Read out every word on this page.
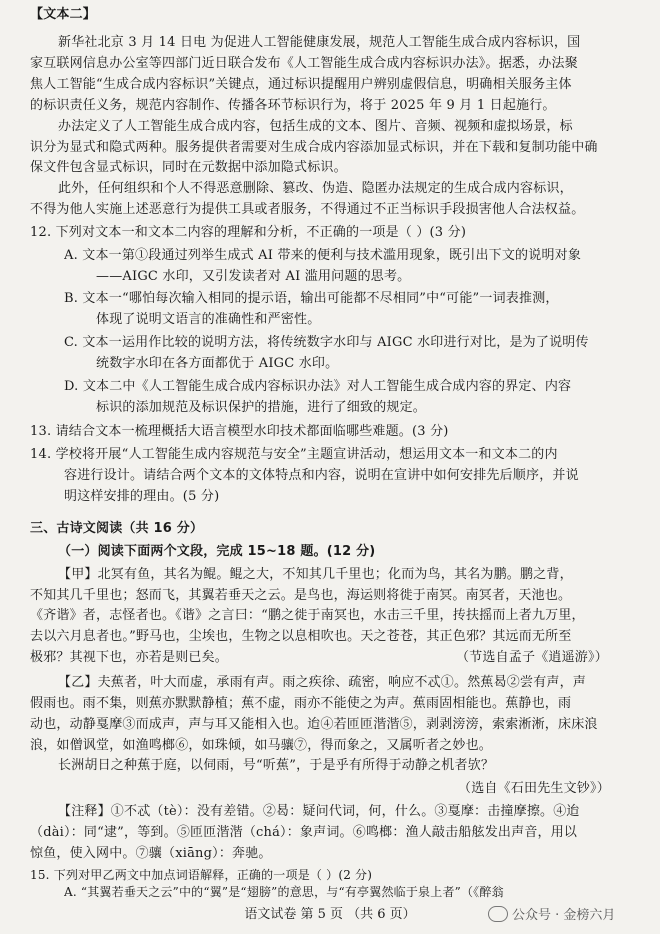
【文本二】
新华社北京 3 月 14 日电 为促进人工智能健康发展，规范人工智能生成合成内容标识，国
家互联网信息办公室等四部门近日联合发布《人工智能生成合成内容标识办法》。据悉，办法聚
焦人工智能“生成合成内容标识”关键点，通过标识提醒用户辨别虚假信息，明确相关服务主体
的标识责任义务，规范内容制作、传播各环节标识行为，将于 2025 年 9 月 1 日起施行。
办法定义了人工智能生成合成内容，包括生成的文本、图片、音频、视频和虚拟场景，标
识分为显式和隐式两种。服务提供者需要对生成合成内容添加显式标识，并在下载和复制功能中确
保文件包含显式标识，同时在元数据中添加隐式标识。
此外，任何组织和个人不得恶意删除、篡改、伪造、隐匿办法规定的生成合成内容标识，
不得为他人实施上述恶意行为提供工具或者服务，不得通过不正当标识手段损害他人合法权益。
12. 下列对文本一和文本二内容的理解和分析，不正确的一项是（ ）(3 分)
A. 文本一第①段通过列举生成式 AI 带来的便利与技术滥用现象，既引出下文的说明对象
——AIGC 水印，又引发读者对 AI 滥用问题的思考。
B. 文本一“哪怕每次输入相同的提示语，输出可能都不尽相同”中“可能”一词表推测，
体现了说明文语言的准确性和严密性。
C. 文本一运用作比较的说明方法，将传统数字水印与 AIGC 水印进行对比，是为了说明传
统数字水印在各方面都优于 AIGC 水印。
D. 文本二中《人工智能生成合成内容标识办法》对人工智能生成合成内容的界定、内容
标识的添加规范及标识保护的措施，进行了细致的规定。
13. 请结合文本一梳理概括大语言模型水印技术都面临哪些难题。(3 分)
14. 学校将开展“人工智能生成内容规范与安全”主题宣讲活动，想运用文本一和文本二的内
容进行设计。请结合两个文本的文体特点和内容，说明在宣讲中如何安排先后顺序，并说
明这样安排的理由。(5 分)
三、古诗文阅读（共 16 分）
（一）阅读下面两个文段，完成 15~18 题。(12 分)
【甲】北冥有鱼，其名为鲲。鲲之大，不知其几千里也；化而为鸟，其名为鹏。鹏之背，
不知其几千里也；怒而飞，其翼若垂天之云。是鸟也，海运则将徙于南冥。南冥者，天池也。
《齐谐》者，志怪者也。《谐》之言曰：“鹏之徙于南冥也，水击三千里，抟扶摇而上者九万里，
去以六月息者也。”野马也，尘埃也，生物之以息相吹也。天之苍苍，其正色邪？其远而无所至
极邪？其视下也，亦若是则已矣。	（节选自孟子《逍遥游》）
【乙】夫蕉者，叶大而虚，承雨有声。雨之疾徐、疏密，响应不忒①。然蕉曷②尝有声，声
假雨也。雨不集，则蕉亦默默静植；蕉不虚，雨亦不能使之为声。蕉雨固相能也。蕉静也，雨
动也，动静戛摩③而成声，声与耳又能相入也。迨④若匝匝湝湝⑤，剥剥滂滂，索索淅淅，床床浪
浪，如僧讽堂，如渔鸣榔⑥，如珠倾，如马骧⑦，得而象之，又属听者之妙也。
长洲胡日之种蕉于庭，以伺雨，号“听蕉”，于是乎有所得于动静之机者欤？
（选自《石田先生文钞》）
【注释】①不忒（tè）：没有差错。②曷：疑问代词，何，什么。③戛摩：击撞摩擦。④迨
（dài）：同“逮”，等到。⑤匝匝湝湝（chá）：象声词。⑥鸣榔：渔人敲击船舷发出声音，用以
惊鱼，使入网中。⑦骧（xiāng）：奔驰。
15. 下列对甲乙两文中加点词语解释，正确的一项是（ ）(2 分)
A. “其翼若垂天之云”中的“翼”是“翅膀”的意思，与“有亭翼然临于泉上者”（《醉翁
语文试卷 第 5 页 （共 6 页）	公众号 · 金榜六月
